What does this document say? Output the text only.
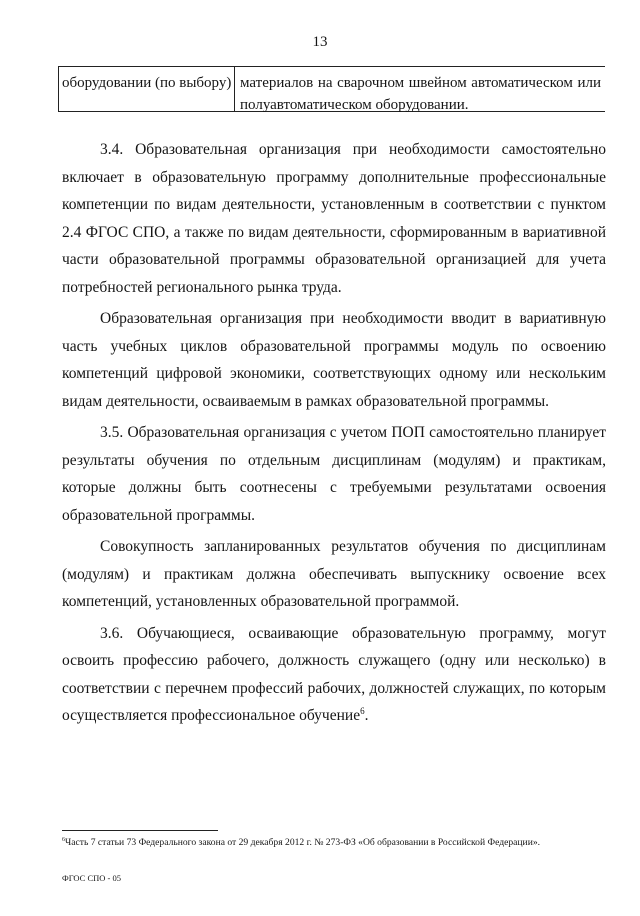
13
оборудовании (по выбору) материалов на сварочном швейном автоматическом или полуавтоматическом оборудовании.

3.4. Образовательная организация при необходимости самостоятельно включает в образовательную программу дополнительные профессиональные компетенции по видам деятельности, установленным в соответствии с пунктом 2.4 ФГОС СПО, а также по видам деятельности, сформированным в вариативной части образовательной программы образовательной организацией для учета потребностей регионального рынка труда.

Образовательная организация при необходимости вводит в вариативную часть учебных циклов образовательной программы модуль по освоению компетенций цифровой экономики, соответствующих одному или нескольким видам деятельности, осваиваемым в рамках образовательной программы.

3.5. Образовательная организация с учетом ПОП самостоятельно планирует результаты обучения по отдельным дисциплинам (модулям) и практикам, которые должны быть соотнесены с требуемыми результатами освоения образовательной программы.

Совокупность запланированных результатов обучения по дисциплинам (модулям) и практикам должна обеспечивать выпускнику освоение всех компетенций, установленных образовательной программой.

3.6. Обучающиеся, осваивающие образовательную программу, могут освоить профессию рабочего, должность служащего (одну или несколько) в соответствии с перечнем профессий рабочих, должностей служащих, по которым осуществляется профессиональное обучение$^6$.

$^6$Часть 7 статьи 73 Федерального закона от 29 декабря 2012 г. № 273-ФЗ «Об образовании в Российской Федерации».
ФГОС СПО - 05
